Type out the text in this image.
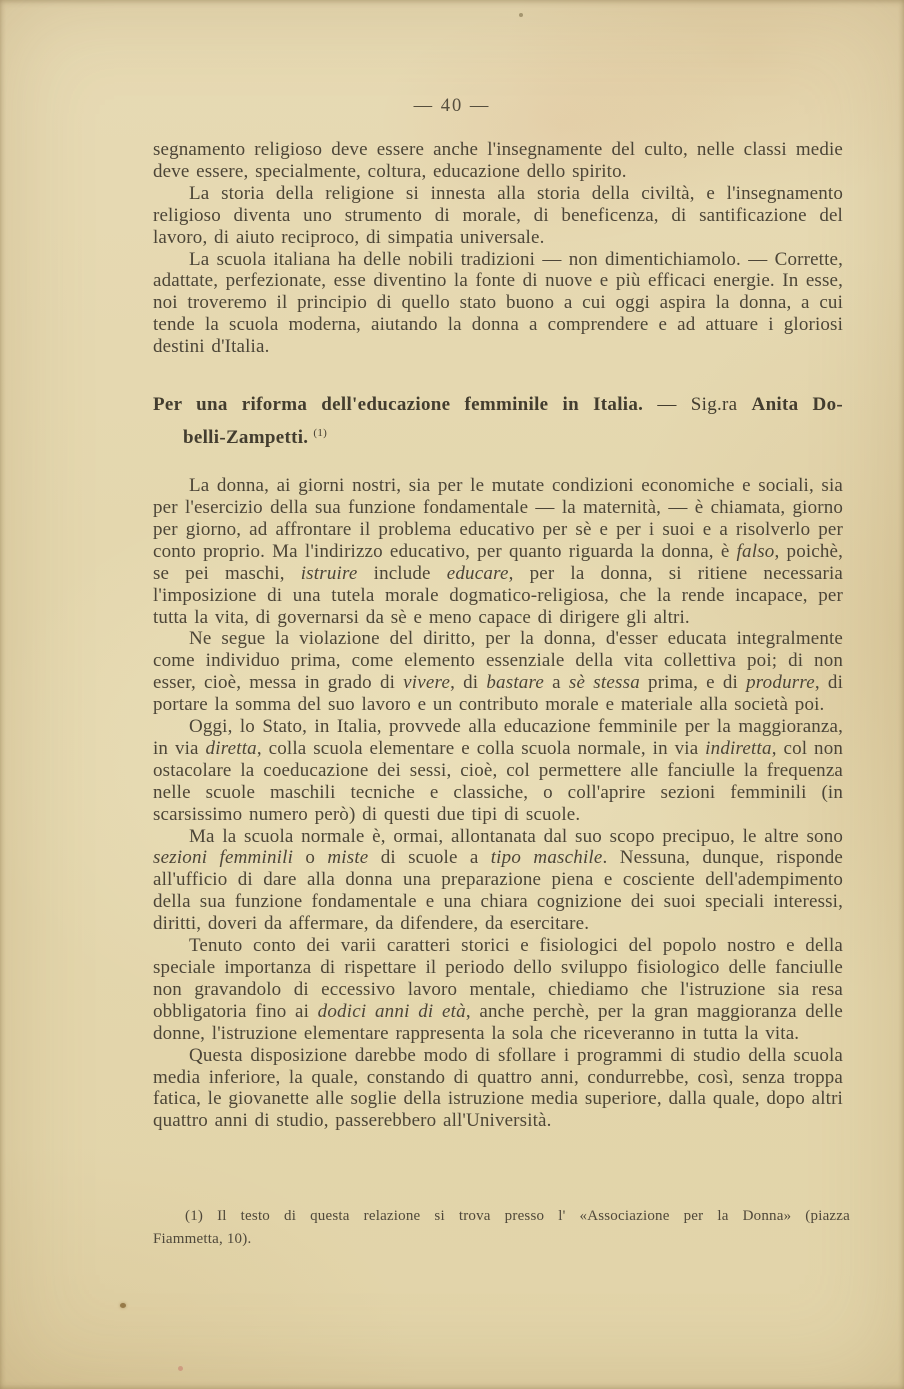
— 40 —

segnamento religioso deve essere anche l'insegnamente del culto, nelle classi medie deve essere, specialmente, coltura, educazione dello spirito.

La storia della religione si innesta alla storia della civiltà, e l'insegnamento religioso diventa uno strumento di morale, di beneficenza, di santificazione del lavoro, di aiuto reciproco, di simpatia universale.

La scuola italiana ha delle nobili tradizioni — non dimentichiamolo. — Corrette, adattate, perfezionate, esse diventino la fonte di nuove e più efficaci energie. In esse, noi troveremo il principio di quello stato buono a cui oggi aspira la donna, a cui tende la scuola moderna, aiutando la donna a comprendere e ad attuare i gloriosi destini d'Italia.

Per una riforma dell'educazione femminile in Italia. — Sig.ra Anita Do-
belli-Zampetti. $^{(1)}$

La donna, ai giorni nostri, sia per le mutate condizioni economiche e sociali, sia per l'esercizio della sua funzione fondamentale — la maternità, — è chiamata, giorno per giorno, ad affrontare il problema educativo per sè e per i suoi e a risolverlo per conto proprio. Ma l'indirizzo educativo, per quanto riguarda la donna, è falso, poichè, se pei maschi, istruire include educare, per la donna, si ritiene necessaria l'imposizione di una tutela morale dogmatico-religiosa, che la rende incapace, per tutta la vita, di governarsi da sè e meno capace di dirigere gli altri.

Ne segue la violazione del diritto, per la donna, d'esser educata integralmente come individuo prima, come elemento essenziale della vita collettiva poi; di non esser, cioè, messa in grado di vivere, di bastare a sè stessa prima, e di produrre, di portare la somma del suo lavoro e un contributo morale e materiale alla società poi.

Oggi, lo Stato, in Italia, provvede alla educazione femminile per la maggioranza, in via diretta, colla scuola elementare e colla scuola normale, in via indiretta, col non ostacolare la coeducazione dei sessi, cioè, col permettere alle fanciulle la frequenza nelle scuole maschili tecniche e classiche, o coll'aprire sezioni femminili (in scarsissimo numero però) di questi due tipi di scuole.

Ma la scuola normale è, ormai, allontanata dal suo scopo precipuo, le altre sono sezioni femminili o miste di scuole a tipo maschile. Nessuna, dunque, risponde all'ufficio di dare alla donna una preparazione piena e cosciente dell'adempimento della sua funzione fondamentale e una chiara cognizione dei suoi speciali interessi, diritti, doveri da affermare, da difendere, da esercitare.

Tenuto conto dei varii caratteri storici e fisiologici del popolo nostro e della speciale importanza di rispettare il periodo dello sviluppo fisiologico delle fanciulle non gravandolo di eccessivo lavoro mentale, chiediamo che l'istruzione sia resa obbligatoria fino ai dodici anni di età, anche perchè, per la gran maggioranza delle donne, l'istruzione elementare rappresenta la sola che riceveranno in tutta la vita.

Questa disposizione darebbe modo di sfollare i programmi di studio della scuola media inferiore, la quale, constando di quattro anni, condurrebbe, così, senza troppa fatica, le giovanette alle soglie della istruzione media superiore, dalla quale, dopo altri quattro anni di studio, passerebbero all'Università.

(1) Il testo di questa relazione si trova presso l' «Associazione per la Donna» (piazza
Fiammetta, 10).
